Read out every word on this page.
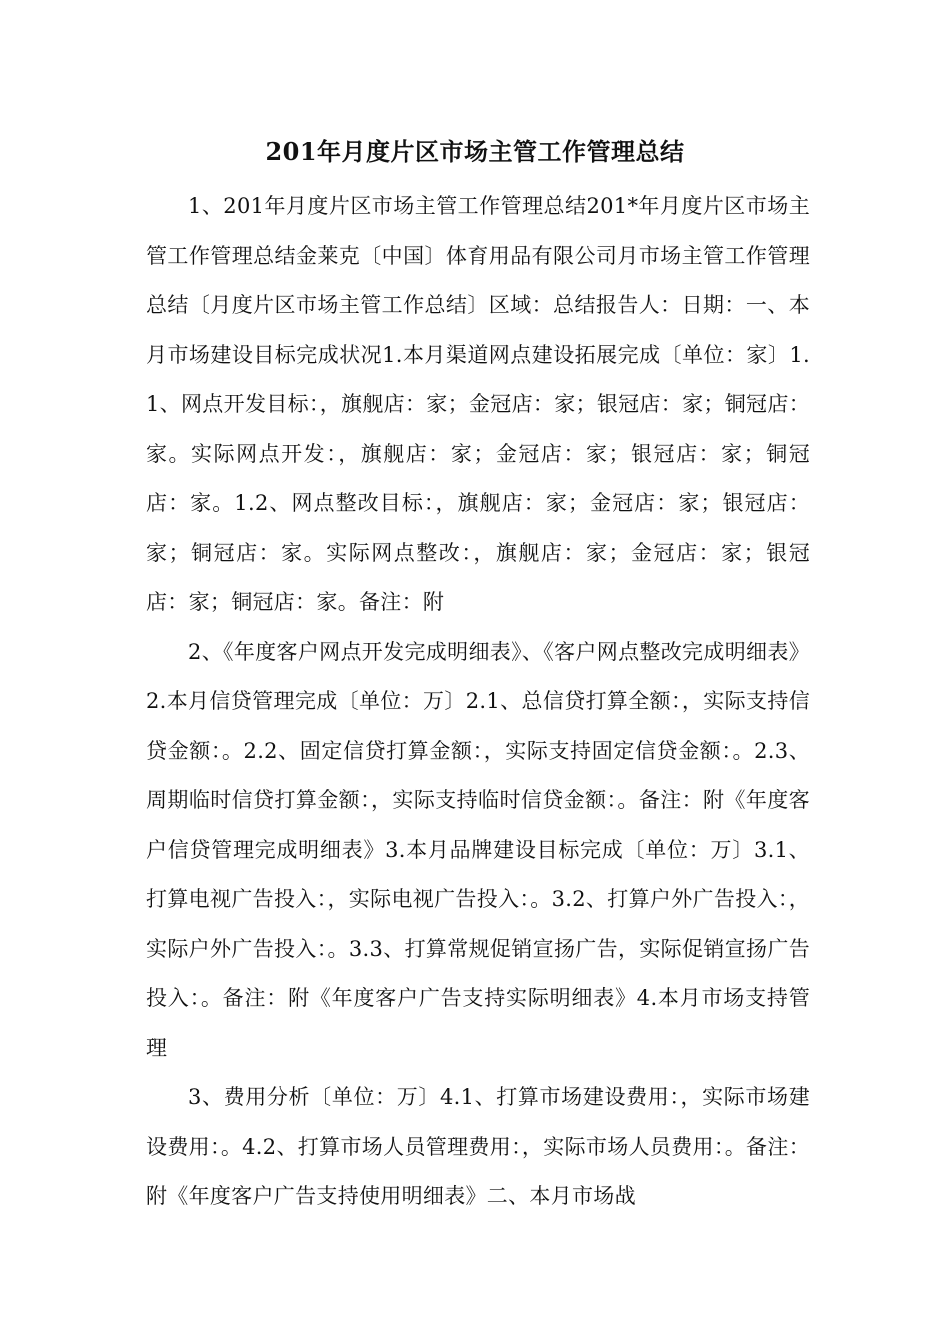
201年月度片区市场主管工作管理总结

1、201年月度片区市场主管工作管理总结201*年月度片区市场主管工作管理总结金莱克〔中国〕体育用品有限公司月市场主管工作管理总结〔月度片区市场主管工作总结〕区域：总结报告人：日期：一、本月市场建设目标完成状况1.本月渠道网点建设拓展完成〔单位：家〕1.1、网点开发目标：，旗舰店：家；金冠店：家；银冠店：家；铜冠店：家。实际网点开发：，旗舰店：家；金冠店：家；银冠店：家；铜冠店：家。1.2、网点整改目标：，旗舰店：家；金冠店：家；银冠店：家；铜冠店：家。实际网点整改：，旗舰店：家；金冠店：家；银冠店：家；铜冠店：家。备注：附

2、《年度客户网点开发完成明细表》、《客户网点整改完成明细表》2.本月信贷管理完成〔单位：万〕2.1、总信贷打算全额：，实际支持信贷金额：。2.2、固定信贷打算金额：，实际支持固定信贷金额：。2.3、周期临时信贷打算金额：，实际支持临时信贷金额：。备注：附《年度客户信贷管理完成明细表》3.本月品牌建设目标完成〔单位：万〕3.1、打算电视广告投入：，实际电视广告投入：。3.2、打算户外广告投入：，实际户外广告投入：。3.3、打算常规促销宣扬广告，实际促销宣扬广告投入：。备注：附《年度客户广告支持实际明细表》4.本月市场支持管理

3、费用分析〔单位：万〕4.1、打算市场建设费用：，实际市场建设费用：。4.2、打算市场人员管理费用：，实际市场人员费用：。备注：附《年度客户广告支持使用明细表》二、本月市场战
